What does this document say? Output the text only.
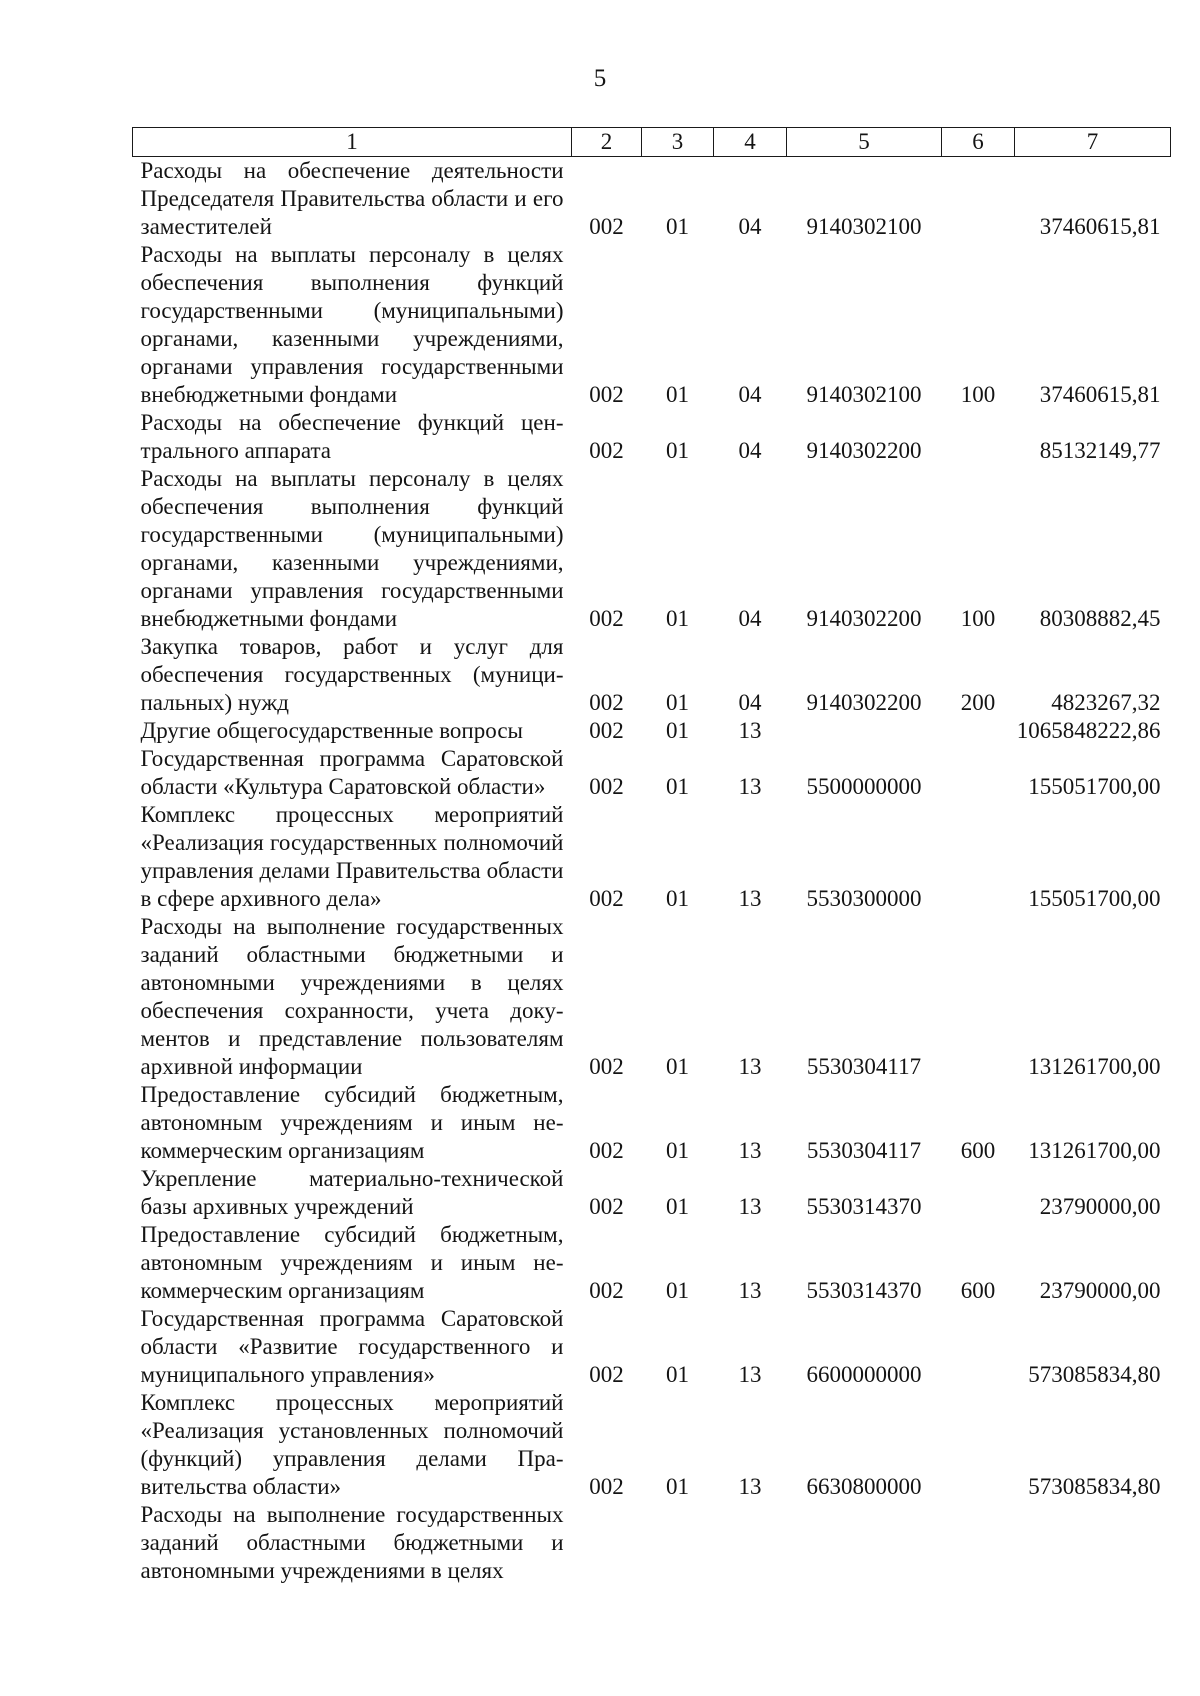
5
1	2	3	4	5	6	7
Расходы на обеспечение деятельности Председателя Правительства области и его заместителей	002	01	04	9140302100		37460615,81
Расходы на выплаты персоналу в целях обеспечения выполнения функций государственными (муниципальными) органами, казенными учреждениями, органами управления государственными внебюджетными фондами	002	01	04	9140302100	100	37460615,81
Расходы на обеспечение функций центрального аппарата	002	01	04	9140302200		85132149,77
Расходы на выплаты персоналу в целях обеспечения выполнения функций государственными (муниципальными) органами, казенными учреждениями, органами управления государственными внебюджетными фондами	002	01	04	9140302200	100	80308882,45
Закупка товаров, работ и услуг для обеспечения государственных (муниципальных) нужд	002	01	04	9140302200	200	4823267,32
Другие общегосударственные вопросы	002	01	13			1065848222,86
Государственная программа Саратовской области «Культура Саратовской области»	002	01	13	5500000000		155051700,00
Комплекс процессных мероприятий «Реализация государственных полномочий управления делами Правительства области в сфере архивного дела»	002	01	13	5530300000		155051700,00
Расходы на выполнение государственных заданий областными бюджетными и автономными учреждениями в целях обеспечения сохранности, учета документов и представление пользователям архивной информации	002	01	13	5530304117		131261700,00
Предоставление субсидий бюджетным, автономным учреждениям и иным некоммерческим организациям	002	01	13	5530304117	600	131261700,00
Укрепление материально-технической базы архивных учреждений	002	01	13	5530314370		23790000,00
Предоставление субсидий бюджетным, автономным учреждениям и иным некоммерческим организациям	002	01	13	5530314370	600	23790000,00
Государственная программа Саратовской области «Развитие государственного и муниципального управления»	002	01	13	6600000000		573085834,80
Комплекс процессных мероприятий «Реализация установленных полномочий (функций) управления делами Правительства области»	002	01	13	6630800000		573085834,80
Расходы на выполнение государственных заданий областными бюджетными и автономными учреждениями в целях						
